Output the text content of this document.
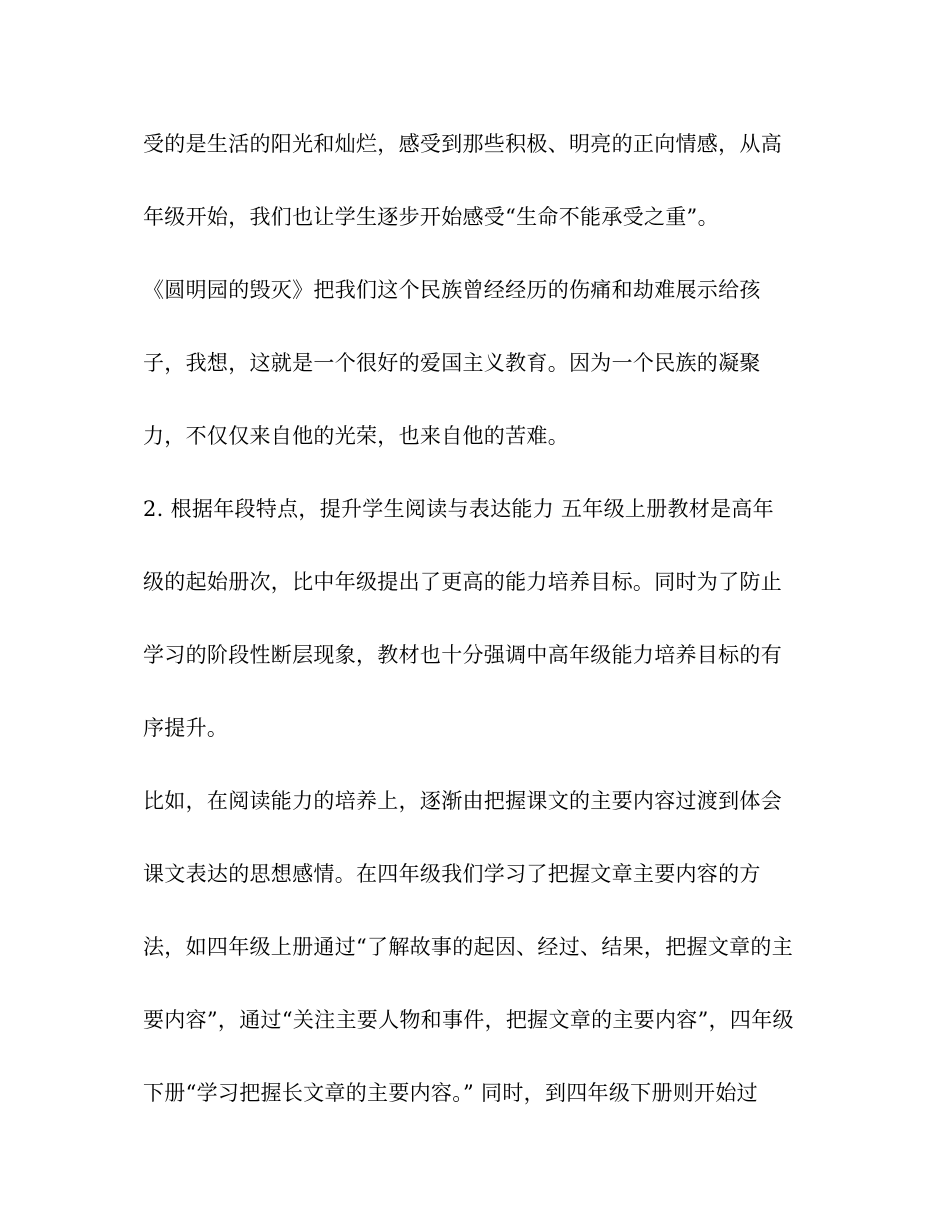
受的是生活的阳光和灿烂，感受到那些积极、明亮的正向情感，从高
年级开始，我们也让学生逐步开始感受“生命不能承受之重”。
《圆明园的毁灭》把我们这个民族曾经经历的伤痛和劫难展示给孩
子，我想，这就是一个很好的爱国主义教育。因为一个民族的凝聚
力，不仅仅来自他的光荣，也来自他的苦难。
2. 根据年段特点，提升学生阅读与表达能力 五年级上册教材是高年
级的起始册次，比中年级提出了更高的能力培养目标。同时为了防止
学习的阶段性断层现象，教材也十分强调中高年级能力培养目标的有
序提升。
比如，在阅读能力的培养上，逐渐由把握课文的主要内容过渡到体会
课文表达的思想感情。在四年级我们学习了把握文章主要内容的方
法，如四年级上册通过“了解故事的起因、经过、结果，把握文章的主
要内容”，通过“关注主要人物和事件，把握文章的主要内容”，四年级
下册“学习把握长文章的主要内容。” 同时，到四年级下册则开始过
